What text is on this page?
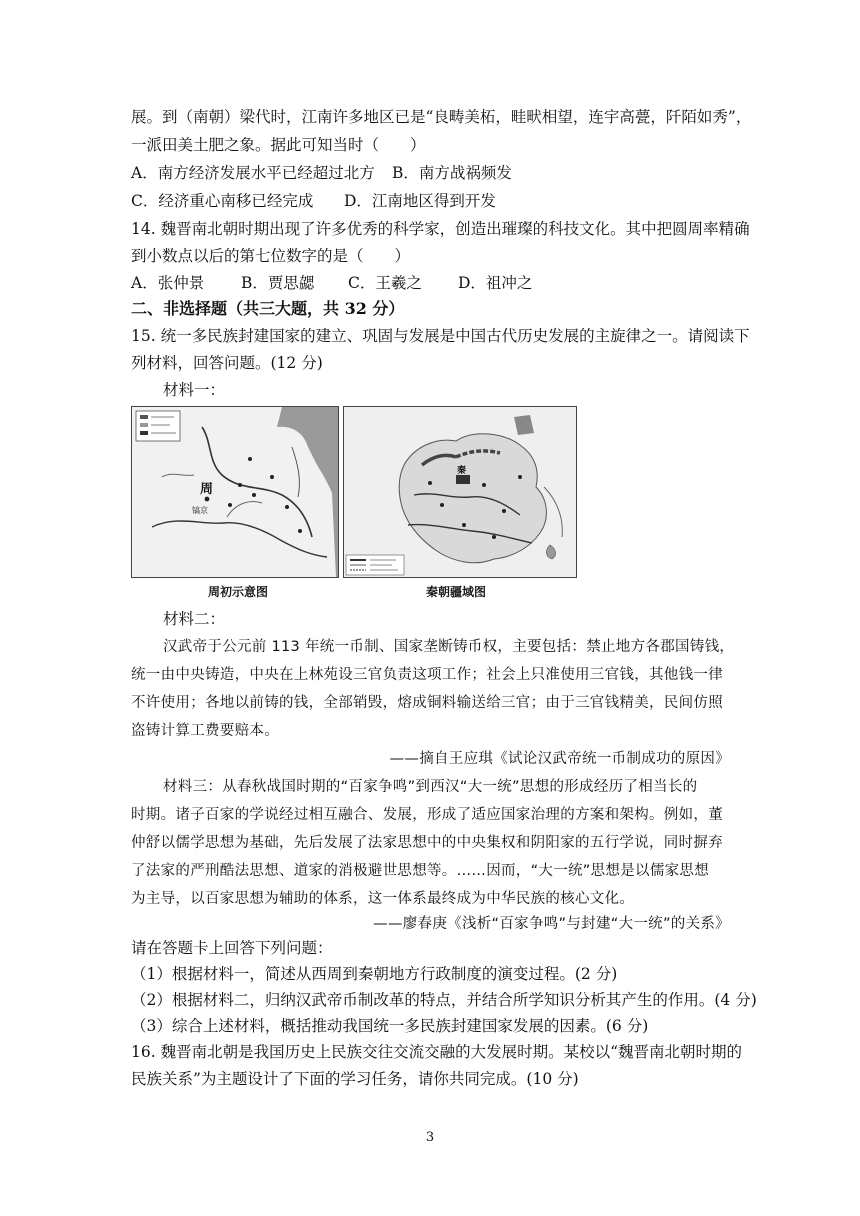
展。到（南朝）梁代时，江南许多地区已是“良畴美柘，畦畎相望，连宇高甍，阡陌如秀”，
一派田美土肥之象。据此可知当时（　　）
A．南方经济发展水平已经超过北方 B．南方战祸频发
C．经济重心南移已经完成 D．江南地区得到开发
14. 魏晋南北朝时期出现了许多优秀的科学家，创造出璀璨的科技文化。其中把圆周率精确
到小数点以后的第七位数字的是（　　）
A．张仲景 B．贾思勰 C．王羲之 D．祖冲之
二、非选择题（共三大题，共 32 分）
15. 统一多民族封建国家的建立、巩固与发展是中国古代历史发展的主旋律之一。请阅读下
列材料，回答问题。(12 分)
材料一：
周
镐京
周初示意图
秦
秦朝疆域图
材料二：
汉武帝于公元前 113 年统一币制、国家垄断铸币权，主要包括：禁止地方各郡国铸钱，
统一由中央铸造，中央在上林苑设三官负责这项工作；社会上只准使用三官钱，其他钱一律
不许使用；各地以前铸的钱，全部销毁，熔成铜料输送给三官；由于三官钱精美，民间仿照
盗铸计算工费要赔本。
——摘自王应琪《试论汉武帝统一币制成功的原因》
材料三：从春秋战国时期的“百家争鸣”到西汉“大一统”思想的形成经历了相当长的
时期。诸子百家的学说经过相互融合、发展，形成了适应国家治理的方案和架构。例如，董
仲舒以儒学思想为基础，先后发展了法家思想中的中央集权和阴阳家的五行学说，同时摒弃
了法家的严刑酷法思想、道家的消极避世思想等。……因而，“大一统”思想是以儒家思想
为主导，以百家思想为辅助的体系，这一体系最终成为中华民族的核心文化。
——廖春庚《浅析“百家争鸣”与封建“大一统”的关系》
请在答题卡上回答下列问题：
（1）根据材料一，简述从西周到秦朝地方行政制度的演变过程。(2 分)
（2）根据材料二，归纳汉武帝币制改革的特点，并结合所学知识分析其产生的作用。(4 分)
（3）综合上述材料，概括推动我国统一多民族封建国家发展的因素。(6 分)
16. 魏晋南北朝是我国历史上民族交往交流交融的大发展时期。某校以“魏晋南北朝时期的
民族关系”为主题设计了下面的学习任务，请你共同完成。(10 分)
3
